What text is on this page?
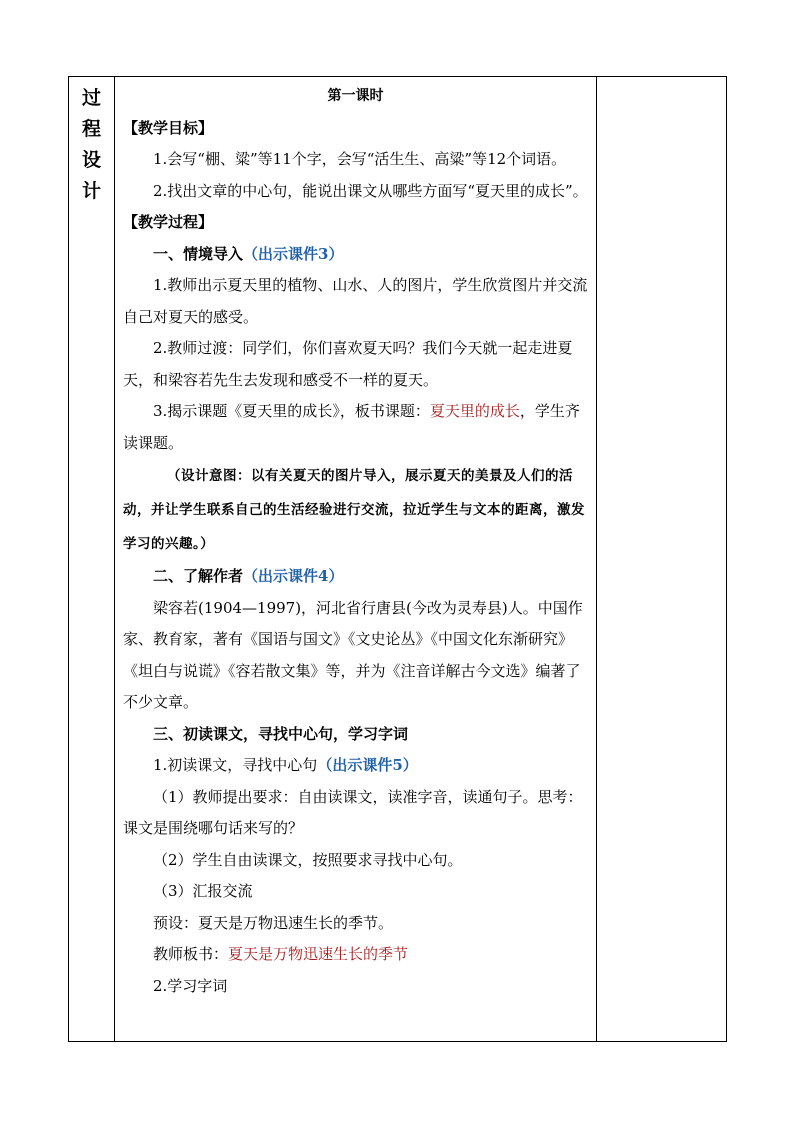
过
程
设
计

第一课时

【教学目标】

1.会写“棚、粱”等11个字，会写“活生生、高粱”等12个词语。

2.找出文章的中心句，能说出课文从哪些方面写“夏天里的成长”。

【教学过程】

一、情境导入（出示课件3）

1.教师出示夏天里的植物、山水、人的图片，学生欣赏图片并交流自己对夏天的感受。

2.教师过渡：同学们，你们喜欢夏天吗？我们今天就一起走进夏天，和梁容若先生去发现和感受不一样的夏天。

3.揭示课题《夏天里的成长》，板书课题：夏天里的成长，学生齐读课题。

（设计意图：以有关夏天的图片导入，展示夏天的美景及人们的活动，并让学生联系自己的生活经验进行交流，拉近学生与文本的距离，激发学习的兴趣。）

二、了解作者（出示课件4）

梁容若(1904—1997)，河北省行唐县(今改为灵寿县)人。中国作家、教育家，著有《国语与国文》《文史论丛》《中国文化东渐研究》《坦白与说谎》《容若散文集》等，并为《注音详解古今文选》编著了不少文章。

三、初读课文，寻找中心句，学习字词

1.初读课文，寻找中心句（出示课件5）

（1）教师提出要求：自由读课文，读准字音，读通句子。思考：课文是围绕哪句话来写的？

（2）学生自由读课文，按照要求寻找中心句。

（3）汇报交流

预设：夏天是万物迅速生长的季节。

教师板书：夏天是万物迅速生长的季节

2.学习字词
